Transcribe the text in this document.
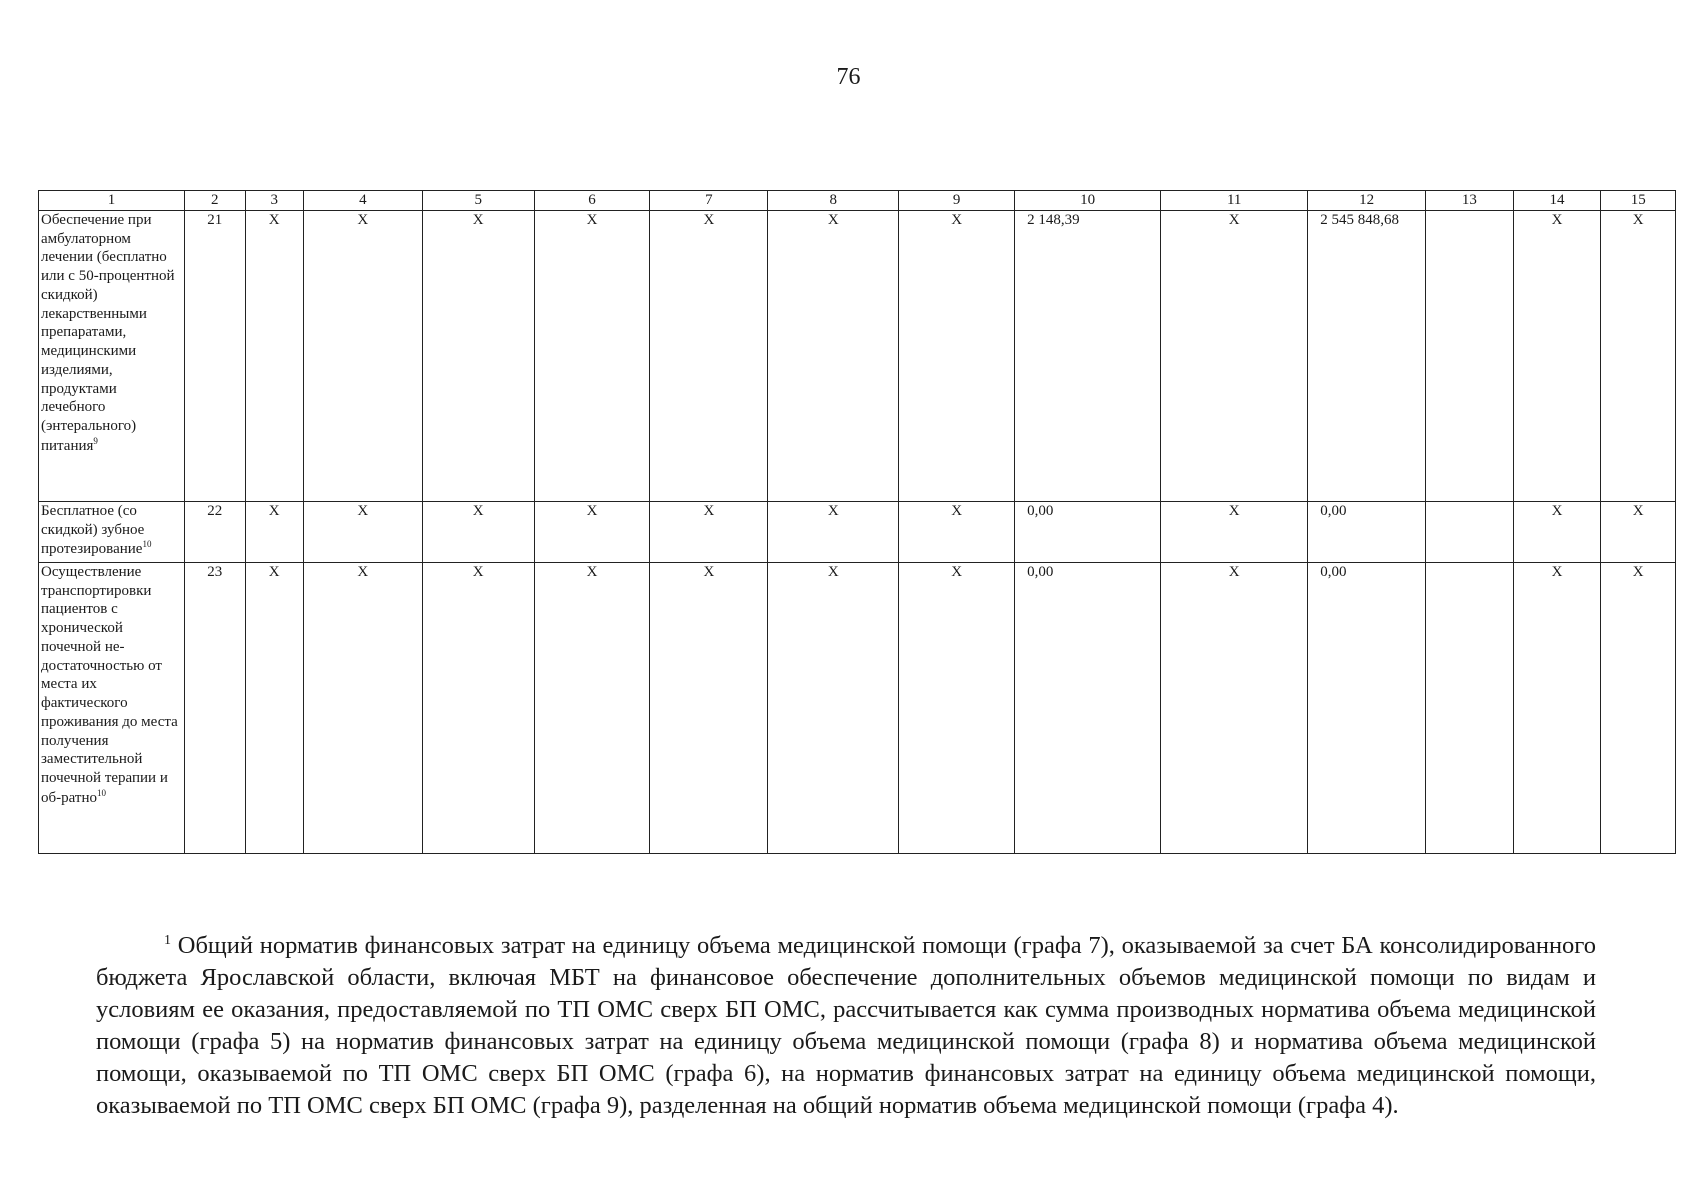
76
1	2	3	4	5	6	7	8	9	10	11	12	13	14	15
Обеспечение при амбулаторном лечении (бесплатно или с 50-процентной скидкой) лекарственными препаратами, медицинскими изделиями, продуктами лечебного (энтерального) питания$^9$	21	Х	Х	Х	Х	Х	Х	Х	2 148,39	Х	2 545 848,68		Х	Х
Бесплатное (со скидкой) зубное протезирование$^{10}$	22	Х	Х	Х	Х	Х	Х	Х	0,00	Х	0,00		Х	Х
Осуществление транспортировки пациентов с хронической почечной не-достаточностью от места их фактического проживания до места получения заместительной почечной терапии и об-ратно$^{10}$	23	Х	Х	Х	Х	Х	Х	Х	0,00	Х	0,00		Х	Х

$^1$ Общий норматив финансовых затрат на единицу объема медицинской помощи (графа 7), оказываемой за счет БА консолидированного бюджета Ярославской области, включая МБТ на финансовое обеспечение дополнительных объемов медицинской помощи по видам и условиям ее оказания, предоставляемой по ТП ОМС сверх БП ОМС, рассчитывается как сумма производных норматива объема медицинской помощи (графа 5) на норматив финансовых затрат на единицу объема медицинской помощи (графа 8) и норматива объема медицинской помощи, оказываемой по ТП ОМС сверх БП ОМС (графа 6), на норматив финансовых затрат на единицу объема медицинской помощи, оказываемой по ТП ОМС сверх БП ОМС (графа 9), разделенная на общий норматив объема медицинской помощи (графа 4).
